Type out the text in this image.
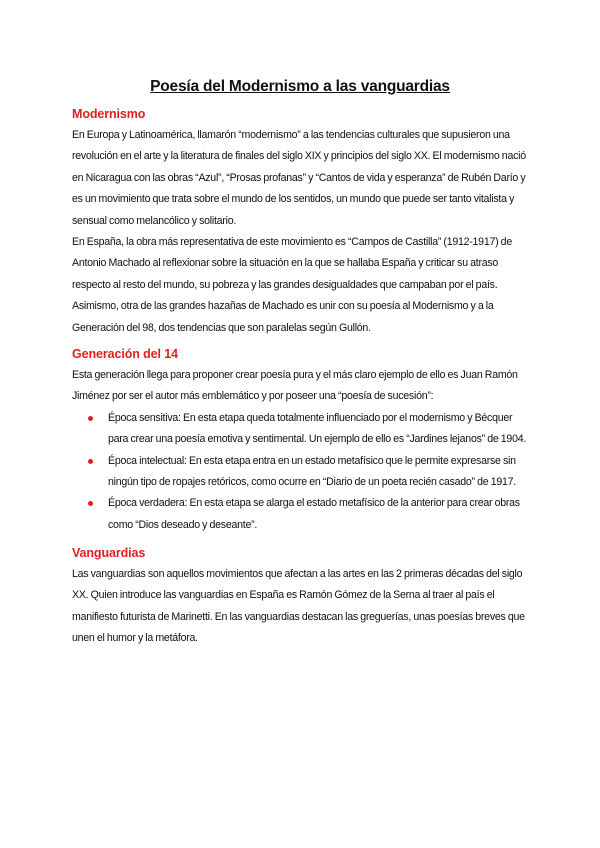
Poesía del Modernismo a las vanguardias
Modernismo

En Europa y Latinoamérica, llamarón “modernismo” a las tendencias culturales que supusieron una revolución en el arte y la literatura de finales del siglo XIX y principios del siglo XX. El modernismo nació en Nicaragua con las obras “Azul”, “Prosas profanas” y “Cantos de vida y esperanza” de Rubén Darío y es un movimiento que trata sobre el mundo de los sentidos, un mundo que puede ser tanto vitalista y sensual como melancólico y solitario.

En España, la obra más representativa de este movimiento es “Campos de Castilla” (1912-1917) de Antonio Machado al reflexionar sobre la situación en la que se hallaba España y criticar su atraso respecto al resto del mundo, su pobreza y las grandes desigualdades que campaban por el país. Asimismo, otra de las grandes hazañas de Machado es unir con su poesía al Modernismo y a la Generación del 98, dos tendencias que son paralelas según Gullón.

Generación del 14

Esta generación llega para proponer crear poesía pura y el más claro ejemplo de ello es Juan Ramón Jiménez por ser el autor más emblemático y por poseer una “poesía de sucesión”:

Época sensitiva: En esta etapa queda totalmente influenciado por el modernismo y Bécquer para crear una poesía emotiva y sentimental. Un ejemplo de ello es “Jardines lejanos” de 1904.
Época intelectual: En esta etapa entra en un estado metafísico que le permite expresarse sin ningún tipo de ropajes retóricos, como ocurre en “Diario de un poeta recién casado” de 1917.
Época verdadera: En esta etapa se alarga el estado metafísico de la anterior para crear obras como “Dios deseado y deseante”.
Vanguardias

Las vanguardias son aquellos movimientos que afectan a las artes en las 2 primeras décadas del siglo XX. Quien introduce las vanguardias en España es Ramón Gómez de la Serna al traer al país el manifiesto futurista de Marinetti. En las vanguardias destacan las greguerías, unas poesías breves que unen el humor y la metáfora.
